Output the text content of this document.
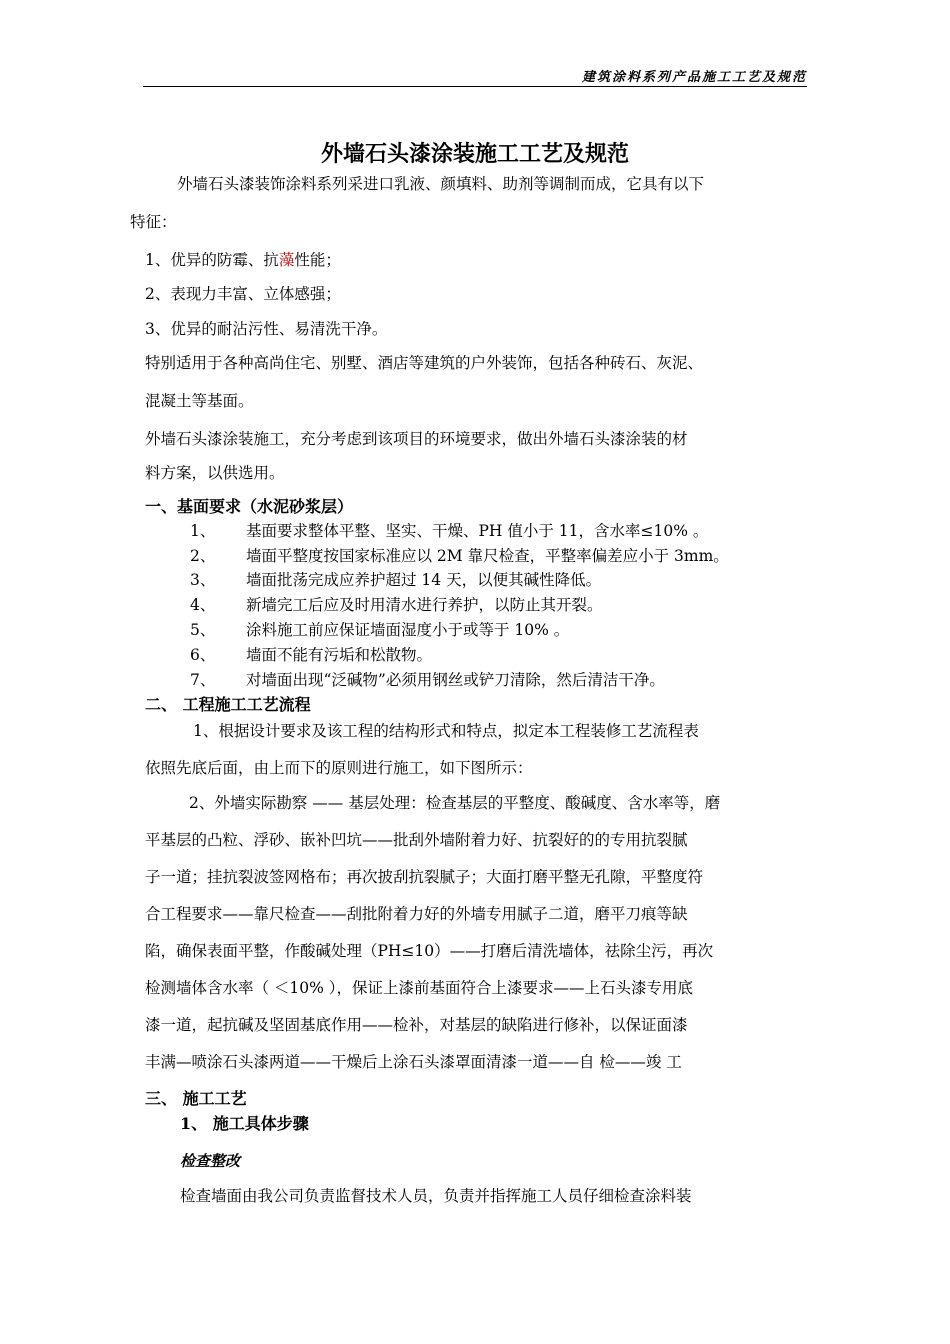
建筑涂料系列产品施工工艺及规范
外墙石头漆涂装施工工艺及规范
外墙石头漆装饰涂料系列采进口乳液、颜填料、助剂等调制而成，它具有以下
特征：
1、优异的防霉、抗藻性能；
2、表现力丰富、立体感强；
3、优异的耐沾污性、易清洗干净。
特别适用于各种高尚住宅、别墅、酒店等建筑的户外装饰，包括各种砖石、灰泥、
混凝土等基面。
外墙石头漆涂装施工，充分考虑到该项目的环境要求，做出外墙石头漆涂装的材
料方案，以供选用。
一、基面要求（水泥砂浆层）
1、 基面要求整体平整、坚实、干燥、PH 值小于 11，含水率≤10% 。
2、 墙面平整度按国家标准应以 2M 靠尺检查，平整率偏差应小于 3mm。
3、 墙面批荡完成应养护超过 14 天，以便其碱性降低。
4、 新墙完工后应及时用清水进行养护，以防止其开裂。
5、 涂料施工前应保证墙面湿度小于或等于 10% 。
6、 墙面不能有污垢和松散物。
7、 对墙面出现“泛碱物”必须用钢丝或铲刀清除，然后清洁干净。
二、 工程施工工艺流程
1、根据设计要求及该工程的结构形式和特点，拟定本工程装修工艺流程表
依照先底后面，由上而下的原则进行施工，如下图所示：
2、外墙实际勘察 —— 基层处理：检查基层的平整度、酸碱度、含水率等，磨
平基层的凸粒、浮砂、嵌补凹坑——批刮外墙附着力好、抗裂好的的专用抗裂腻
子一道；挂抗裂波签网格布；再次披刮抗裂腻子；大面打磨平整无孔隙，平整度符
合工程要求——靠尺检查——刮批附着力好的外墙专用腻子二道，磨平刀痕等缺
陷，确保表面平整，作酸碱处理（PH≤10）——打磨后清洗墙体，祛除尘污，再次
检测墙体含水率（ ＜10% ），保证上漆前基面符合上漆要求——上石头漆专用底
漆一道，起抗碱及坚固基底作用——检补，对基层的缺陷进行修补，以保证面漆
丰满—喷涂石头漆两道——干燥后上涂石头漆罩面清漆一道——自 检——竣 工
三、 施工工艺
1、 施工具体步骤
检查整改
检查墙面由我公司负责监督技术人员，负责并指挥施工人员仔细检查涂料装
